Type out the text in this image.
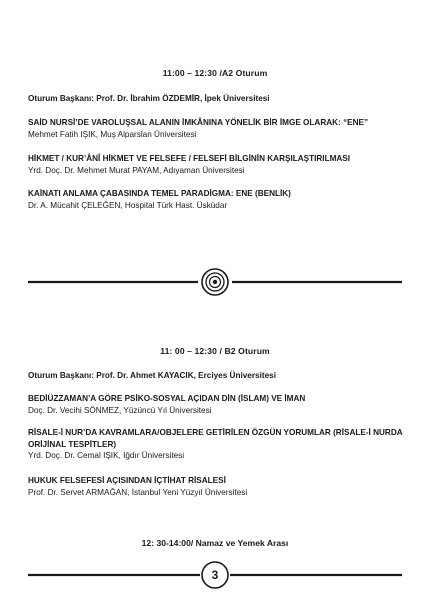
11:00 – 12:30 /A2 Oturum
Oturum Başkanı: Prof. Dr. İbrahim ÖZDEMİR, İpek Üniversitesi
SAİD NURSİ’DE VAROLUŞSAL ALANIN İMKÂNINA YÖNELİK BİR İMGE OLARAK: “ENE”
Mehmet Fatih IŞIK, Muş Alparslan Üniversitesi
HİKMET / KUR’ÂNÎ HİKMET VE FELSEFE / FELSEFİ BİLGİNİN KARŞILAŞTIRILMASI
Yrd. Doç. Dr. Mehmet Murat PAYAM, Adıyaman Üniversitesi
KAİNATI ANLAMA ÇABASINDA TEMEL PARADİGMA: ENE (BENLİK)
Dr. A. Mücahit ÇELEĞEN, Hospital Türk Hast. Üsküdar
11: 00 – 12:30 / B2 Oturum
Oturum Başkanı: Prof. Dr. Ahmet KAYACIK, Erciyes Üniversitesi
BEDİÜZZAMAN’A GÖRE PSİKO-SOSYAL AÇIDAN DİN (İSLAM) VE İMAN
Doç. Dr. Vecihi SÖNMEZ, Yüzüncü Yıl Üniversitesi
RİSALE-İ NUR’DA KAVRAMLARA/OBJELERE GETİRİLEN ÖZGÜN YORUMLAR (RİSALE-İ NURDA ORİJİNAL TESPİTLER)
Yrd. Doç. Dr. Cemal IŞIK, Iğdır Üniversitesi
HUKUK FELSEFESİ AÇISINDAN İÇTİHAT RİSALESİ
Prof. Dr. Servet ARMAĞAN, İstanbul Yeni Yüzyıl Üniversitesi
12: 30-14:00/ Namaz ve Yemek Arası
3
